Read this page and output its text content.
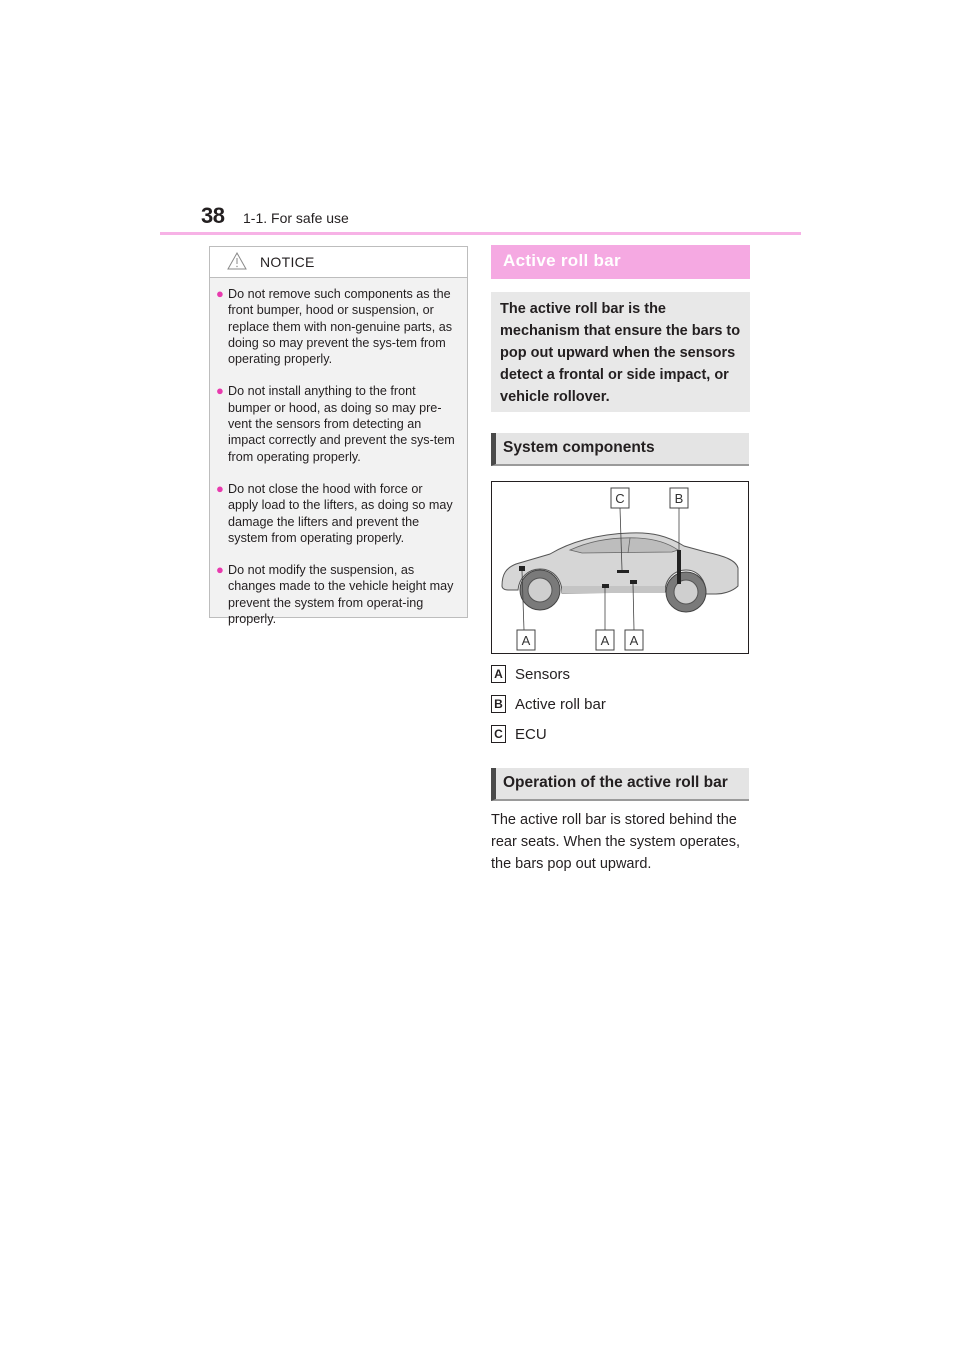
38 1-1. For safe use
NOTICE
● Do not remove such components as the front bumper, hood or suspension, or replace them with non-genuine parts, as doing so may prevent the sys-tem from operating properly.
● Do not install anything to the front bumper or hood, as doing so may pre-vent the sensors from detecting an impact correctly and prevent the sys-tem from operating properly.
● Do not close the hood with force or apply load to the lifters, as doing so may damage the lifters and prevent the system from operating properly.
● Do not modify the suspension, as changes made to the vehicle height may prevent the system from operat-ing properly.
Active roll bar
The active roll bar is the mechanism that ensure the bars to pop out upward when the sensors detect a frontal or side impact, or vehicle rollover.
System components
C	B
A	A A
A Sensors
B Active roll bar
C ECU
Operation of the active roll bar
The active roll bar is stored behind the rear seats. When the system operates, the bars pop out upward.
